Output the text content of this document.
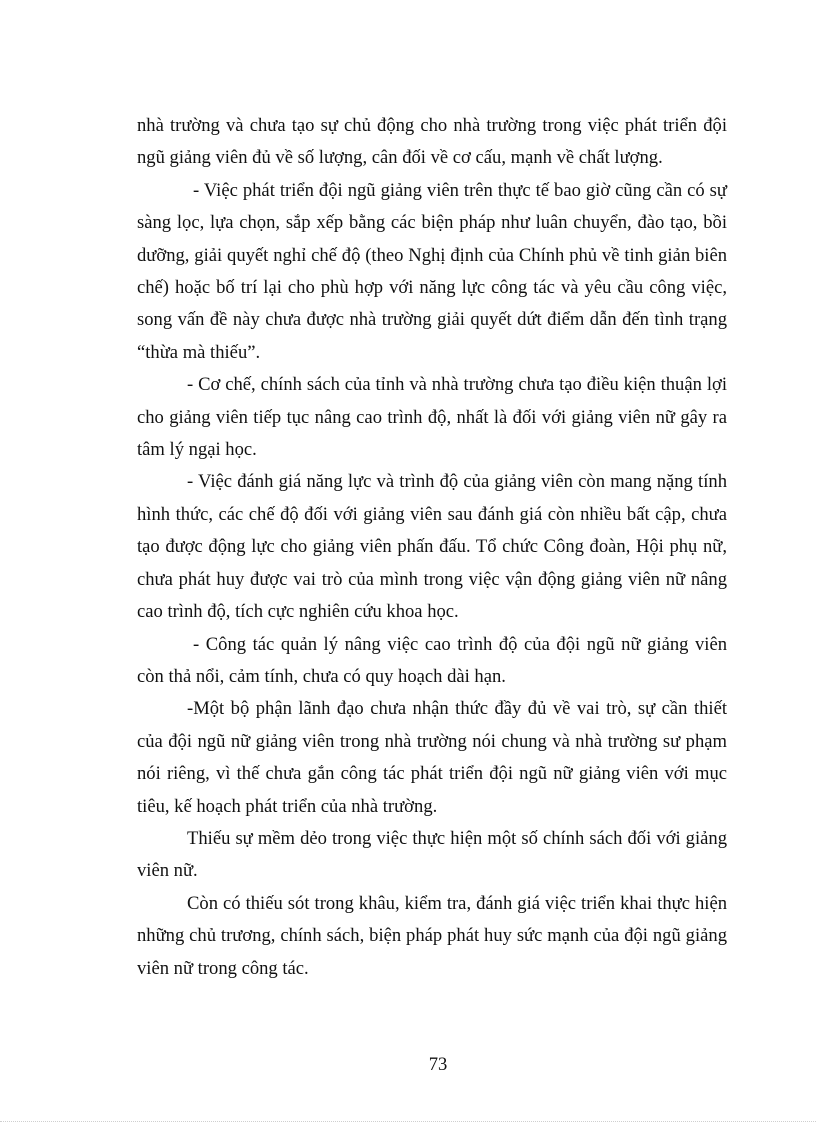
nhà trường và chưa tạo sự chủ động cho nhà trường trong việc phát triển đội ngũ giảng viên đủ về số lượng, cân đối về cơ cấu, mạnh về chất lượng.

- Việc phát triển đội ngũ giảng viên trên thực tế bao giờ cũng cần có sự sàng lọc, lựa chọn, sắp xếp bằng các biện pháp như luân chuyển, đào tạo, bồi dưỡng, giải quyết nghỉ chế độ (theo Nghị định của Chính phủ về tinh giản biên chế) hoặc bố trí lại cho phù hợp với năng lực công tác và yêu cầu công việc, song vấn đề này chưa được nhà trường giải quyết dứt điểm dẫn đến tình trạng “thừa mà thiếu”.

- Cơ chế, chính sách của tỉnh và nhà trường chưa tạo điều kiện thuận lợi cho giảng viên tiếp tục nâng cao trình độ, nhất là đối với giảng viên nữ gây ra tâm lý ngại học.

- Việc đánh giá năng lực và trình độ của giảng viên còn mang nặng tính hình thức, các chế độ đối với giảng viên sau đánh giá còn nhiều bất cập, chưa tạo được động lực cho giảng viên phấn đấu. Tổ chức Công đoàn, Hội phụ nữ, chưa phát huy được vai trò của mình trong việc vận động giảng viên nữ nâng cao trình độ, tích cực nghiên cứu khoa học.

- Công tác quản lý nâng việc cao trình độ của đội ngũ nữ giảng viên còn thả nổi, cảm tính, chưa có quy hoạch dài hạn.

-Một bộ phận lãnh đạo chưa nhận thức đầy đủ về vai trò, sự cần thiết của đội ngũ nữ giảng viên trong nhà trường nói chung và nhà trường sư phạm nói riêng, vì thế chưa gắn công tác phát triển đội ngũ nữ giảng viên với mục tiêu, kế hoạch phát triển của nhà trường.

Thiếu sự mềm dẻo trong việc thực hiện một số chính sách đối với giảng viên nữ.

Còn có thiếu sót trong khâu, kiểm tra, đánh giá việc triển khai thực hiện những chủ trương, chính sách, biện pháp phát huy sức mạnh của đội ngũ giảng viên nữ trong công tác.

73
